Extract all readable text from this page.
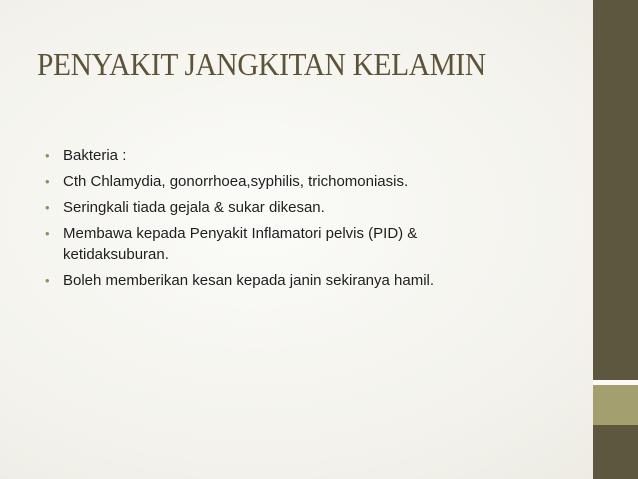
PENYAKIT JANGKITAN KELAMIN
• Bakteria :
• Cth Chlamydia, gonorrhoea,syphilis, trichomoniasis.
• Seringkali tiada gejala & sukar dikesan.
• Membawa kepada Penyakit Inflamatori pelvis (PID) & ketidaksuburan.
• Boleh memberikan kesan kepada janin sekiranya hamil.
